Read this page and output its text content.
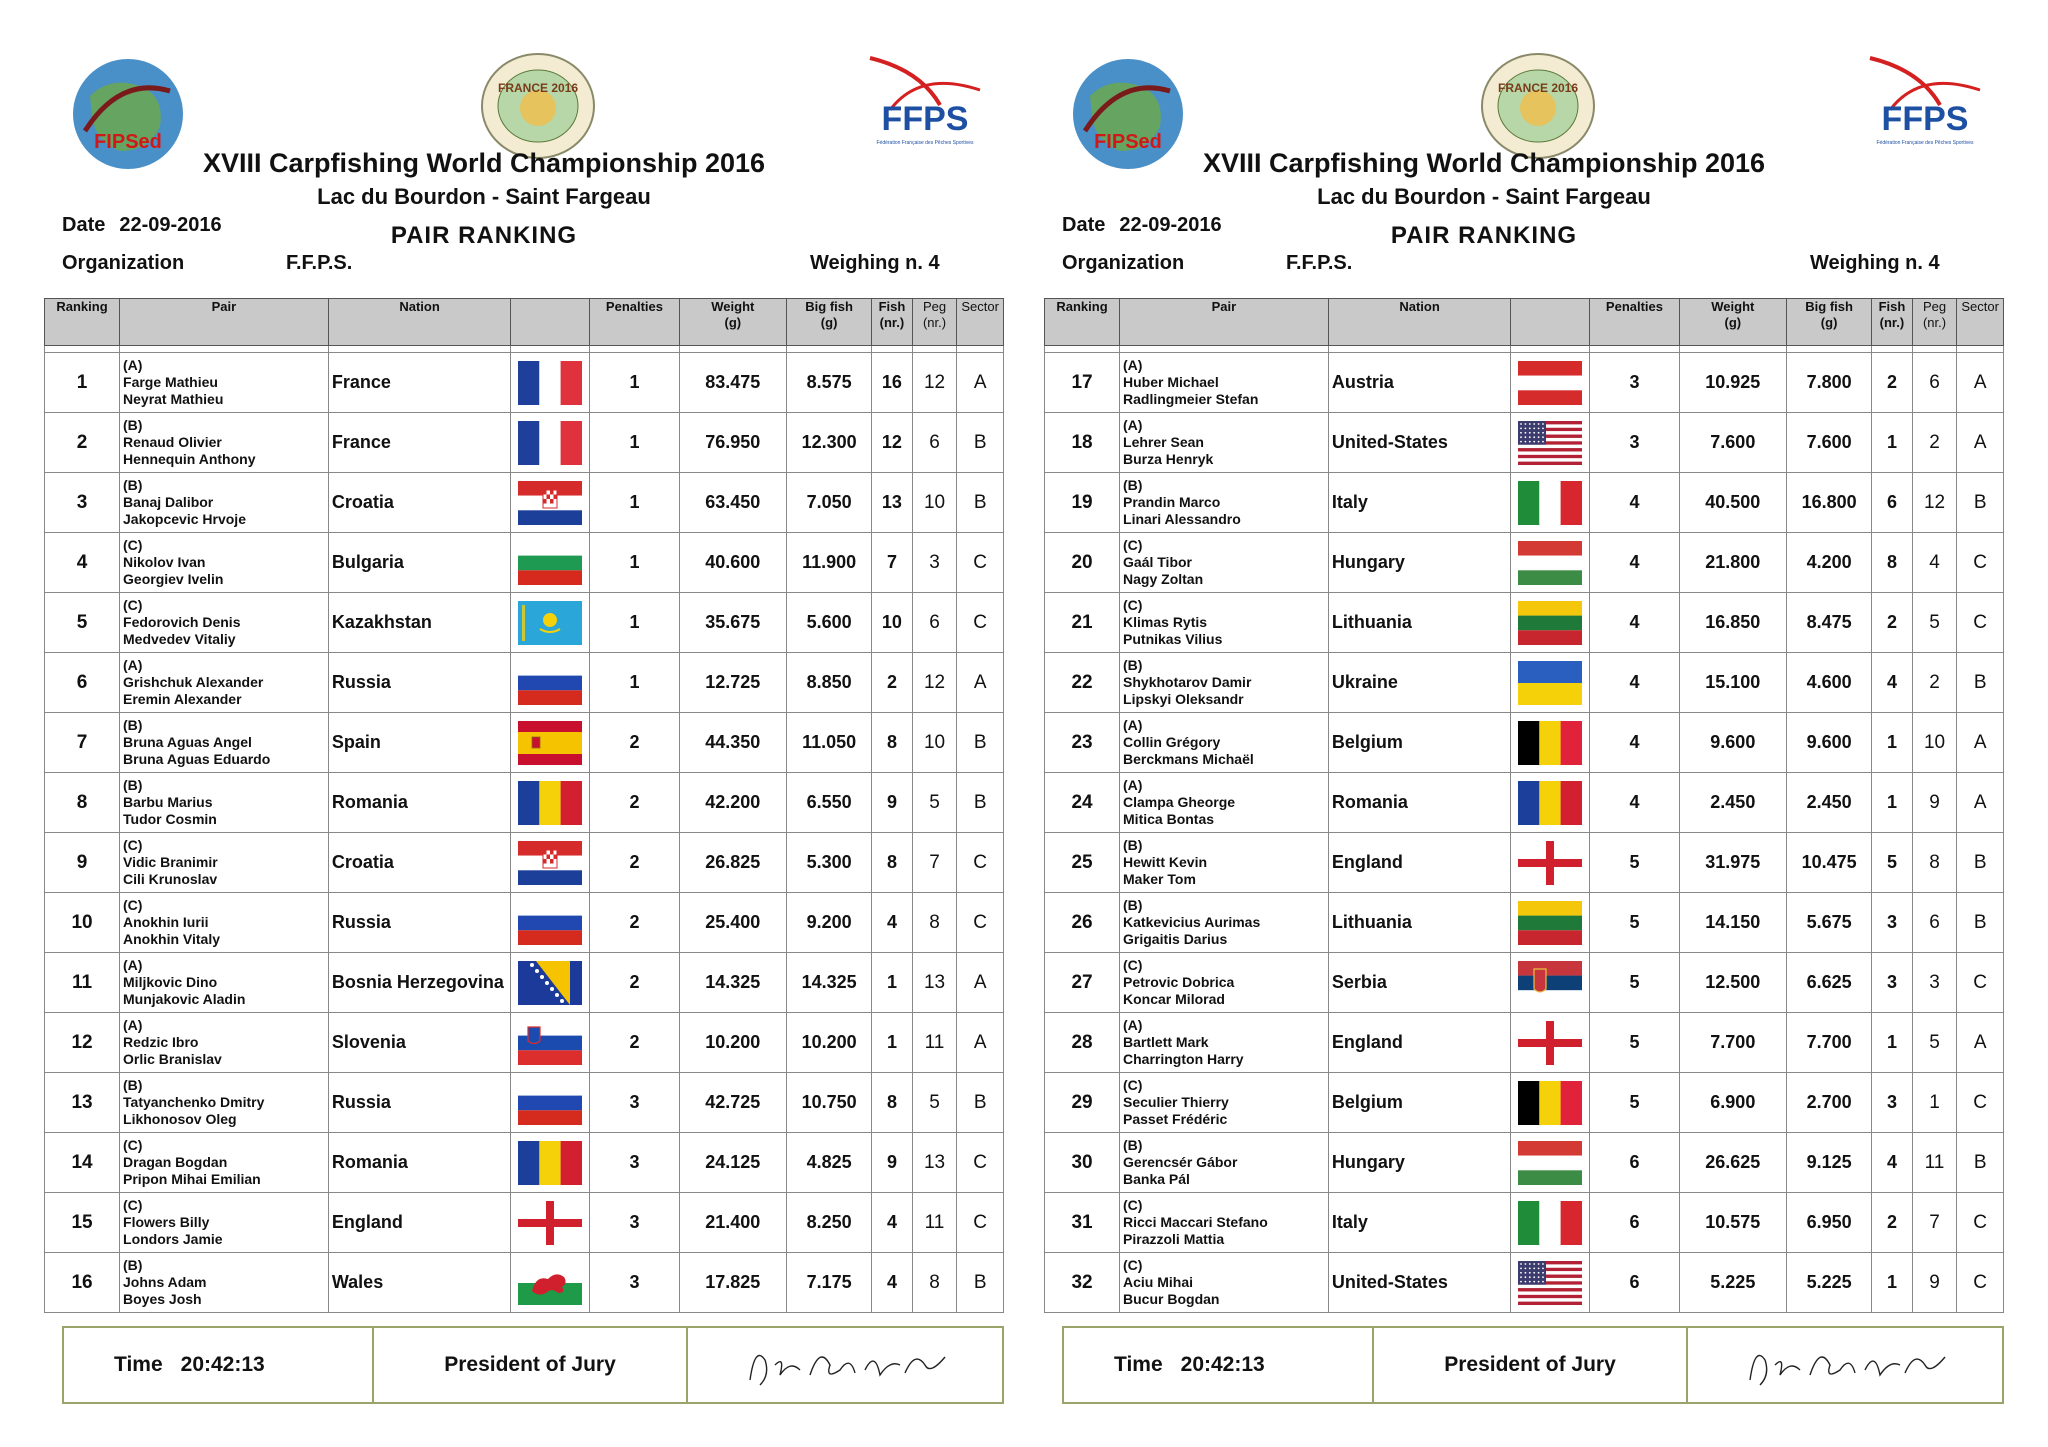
FIPSed
FRANCE 2016
FFPS
Fédération Française des Pêches Sportives
XVIII Carpfishing World Championship 2016
Lac du Bourdon - Saint Fargeau
PAIR RANKING
Date 22-09-2016
Organization	F.F.P.S.	Weighing n. 4
Ranking	Pair	Nation		Penalties	Weight
(g)	Big fish
(g)	Fish
(nr.)	Peg
(nr.)	Sector

1	(A)
Farge Mathieu
Neyrat Mathieu	France		1	83.475	8.575	16	12	A
2	(B)
Renaud Olivier
Hennequin Anthony	France		1	76.950	12.300	12	6	B
3	(B)
Banaj Dalibor
Jakopcevic Hrvoje	Croatia		1	63.450	7.050	13	10	B
4	(C)
Nikolov Ivan
Georgiev Ivelin	Bulgaria		1	40.600	11.900	7	3	C
5	(C)
Fedorovich Denis
Medvedev Vitaliy	Kazakhstan		1	35.675	5.600	10	6	C
6	(A)
Grishchuk Alexander
Eremin Alexander	Russia		1	12.725	8.850	2	12	A
7	(B)
Bruna Aguas Angel
Bruna Aguas Eduardo	Spain		2	44.350	11.050	8	10	B
8	(B)
Barbu Marius
Tudor Cosmin	Romania		2	42.200	6.550	9	5	B
9	(C)
Vidic Branimir
Cili Krunoslav	Croatia		2	26.825	5.300	8	7	C
10	(C)
Anokhin Iurii
Anokhin Vitaly	Russia		2	25.400	9.200	4	8	C
11	(A)
Miljkovic Dino
Munjakovic Aladin	Bosnia Herzegovina		2	14.325	14.325	1	13	A
12	(A)
Redzic Ibro
Orlic Branislav	Slovenia		2	10.200	10.200	1	11	A
13	(B)
Tatyanchenko Dmitry
Likhonosov Oleg	Russia		3	42.725	10.750	8	5	B
14	(C)
Dragan Bogdan
Pripon Mihai Emilian	Romania		3	24.125	4.825	9	13	C
15	(C)
Flowers Billy
Londors Jamie	England		3	21.400	8.250	4	11	C
16	(B)
Johns Adam
Boyes Josh	Wales		3	17.825	7.175	4	8	B
Time 20:42:13	President of Jury
FIPSed
FRANCE 2016
FFPS
Fédération Française des Pêches Sportives
XVIII Carpfishing World Championship 2016
Lac du Bourdon - Saint Fargeau
PAIR RANKING
Date 22-09-2016
Organization	F.F.P.S.	Weighing n. 4
Ranking	Pair	Nation		Penalties	Weight
(g)	Big fish
(g)	Fish
(nr.)	Peg
(nr.)	Sector

17	(A)
Huber Michael
Radlingmeier Stefan	Austria		3	10.925	7.800	2	6	A
18	(A)
Lehrer Sean
Burza Henryk	United-States		3	7.600	7.600	1	2	A
19	(B)
Prandin Marco
Linari Alessandro	Italy		4	40.500	16.800	6	12	B
20	(C)
Gaál Tibor
Nagy Zoltan	Hungary		4	21.800	4.200	8	4	C
21	(C)
Klimas Rytis
Putnikas Vilius	Lithuania		4	16.850	8.475	2	5	C
22	(B)
Shykhotarov Damir
Lipskyi Oleksandr	Ukraine		4	15.100	4.600	4	2	B
23	(A)
Collin Grégory
Berckmans Michaël	Belgium		4	9.600	9.600	1	10	A
24	(A)
Clampa Gheorge
Mitica Bontas	Romania		4	2.450	2.450	1	9	A
25	(B)
Hewitt Kevin
Maker Tom	England		5	31.975	10.475	5	8	B
26	(B)
Katkevicius Aurimas
Grigaitis Darius	Lithuania		5	14.150	5.675	3	6	B
27	(C)
Petrovic Dobrica
Koncar Milorad	Serbia		5	12.500	6.625	3	3	C
28	(A)
Bartlett Mark
Charrington Harry	England		5	7.700	7.700	1	5	A
29	(C)
Seculier Thierry
Passet Frédéric	Belgium		5	6.900	2.700	3	1	C
30	(B)
Gerencsér Gábor
Banka Pál	Hungary		6	26.625	9.125	4	11	B
31	(C)
Ricci Maccari Stefano
Pirazzoli Mattia	Italy		6	10.575	6.950	2	7	C
32	(C)
Aciu Mihai
Bucur Bogdan	United-States		6	5.225	5.225	1	9	C
Time 20:42:13	President of Jury
